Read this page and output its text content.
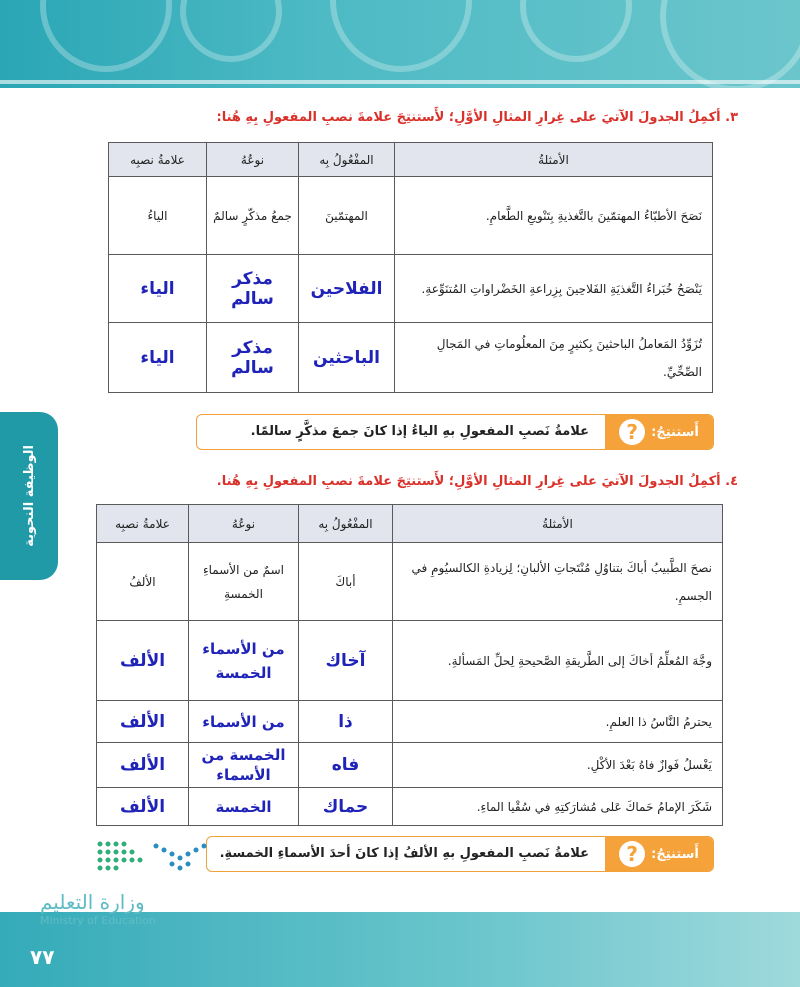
الوظيفة النحوية
٣. أكمِلُ الجدولَ الآتيَ على غِرارِ المثالِ الأوَّلِ؛ لأَستنتِجَ علامةَ نصبِ المفعولِ بِهِ هُنا:
الأمثلةُ	المفْعُولُ بِه	نوعُهُ	علامةُ نصبِه
نَصَحَ الأطبّاءُ المهتمّينَ بالتَّغذيةِ بِتَنْويعِ الطَّعامِ.	المهتمّينَ	جمعُ مذكّرٍ سالمٌ	الياءُ
يَنْصَحُ خُبَراءُ التَّغذيَةِ الفَلاحِينَ بِزِراعةِ الخَضْراواتِ المُتنَوِّعةِ.	الفلاحين	مذكر سالم	الياء
تُزَوِّدُ المَعاملُ الباحثينَ بِكثيرٍ مِنَ المعلُوماتِ في المَجالِ الصِّحِّيِّ.	الباحثين	مذكر سالم	الياء
أَستنتِجُ:
?
علامةُ نَصبِ المفعولِ بهِ الياءُ إذا كانَ جمعَ مذكَّرٍ سالمًا.
٤. أكمِلُ الجدولَ الآتيَ على غِرارِ المثالِ الأوَّلِ؛ لأَستنتِجَ علامةَ نصبِ المفعولِ بِهِ هُنا.
الأمثلةُ	المفْعُولُ بِه	نوعُهُ	علامةُ نصبِه
نصحَ الطَّبيبُ أباكَ بتناوُلِ مُنْتَجاتِ الألبانِ؛ لِزيادةِ الكالسيُومِ في الجسمِ.	أباكَ	اسمٌ من الأسماءِ الخمسةِ	الألفُ
وجَّهَ المُعلِّمُ أخاكَ إلى الطَّريقةِ الصَّحيحةِ لِحلِّ المَسألةِ.	آخاك	من الأسماء الخمسة	الألف
يحترمُ النَّاسُ ذا العلمِ.	ذا	من الأسماء	الألف
يَغْسلُ فَوازٌ فاهُ بَعْدَ الأكْلِ.	فاه	الخمسة من الأسماء	الألف
شَكَرَ الإمامُ حَماكَ عَلى مُشارَكتِهِ في سُقْيا الماءِ.	حماك	الخمسة	الألف
أَستنتِجُ:
?
علامةُ نَصبِ المفعولِ بهِ الألفُ إذا كانَ أحدَ الأسماءِ الخمسةِ.
وزارة التعليم
Ministry of Education
٧٧
